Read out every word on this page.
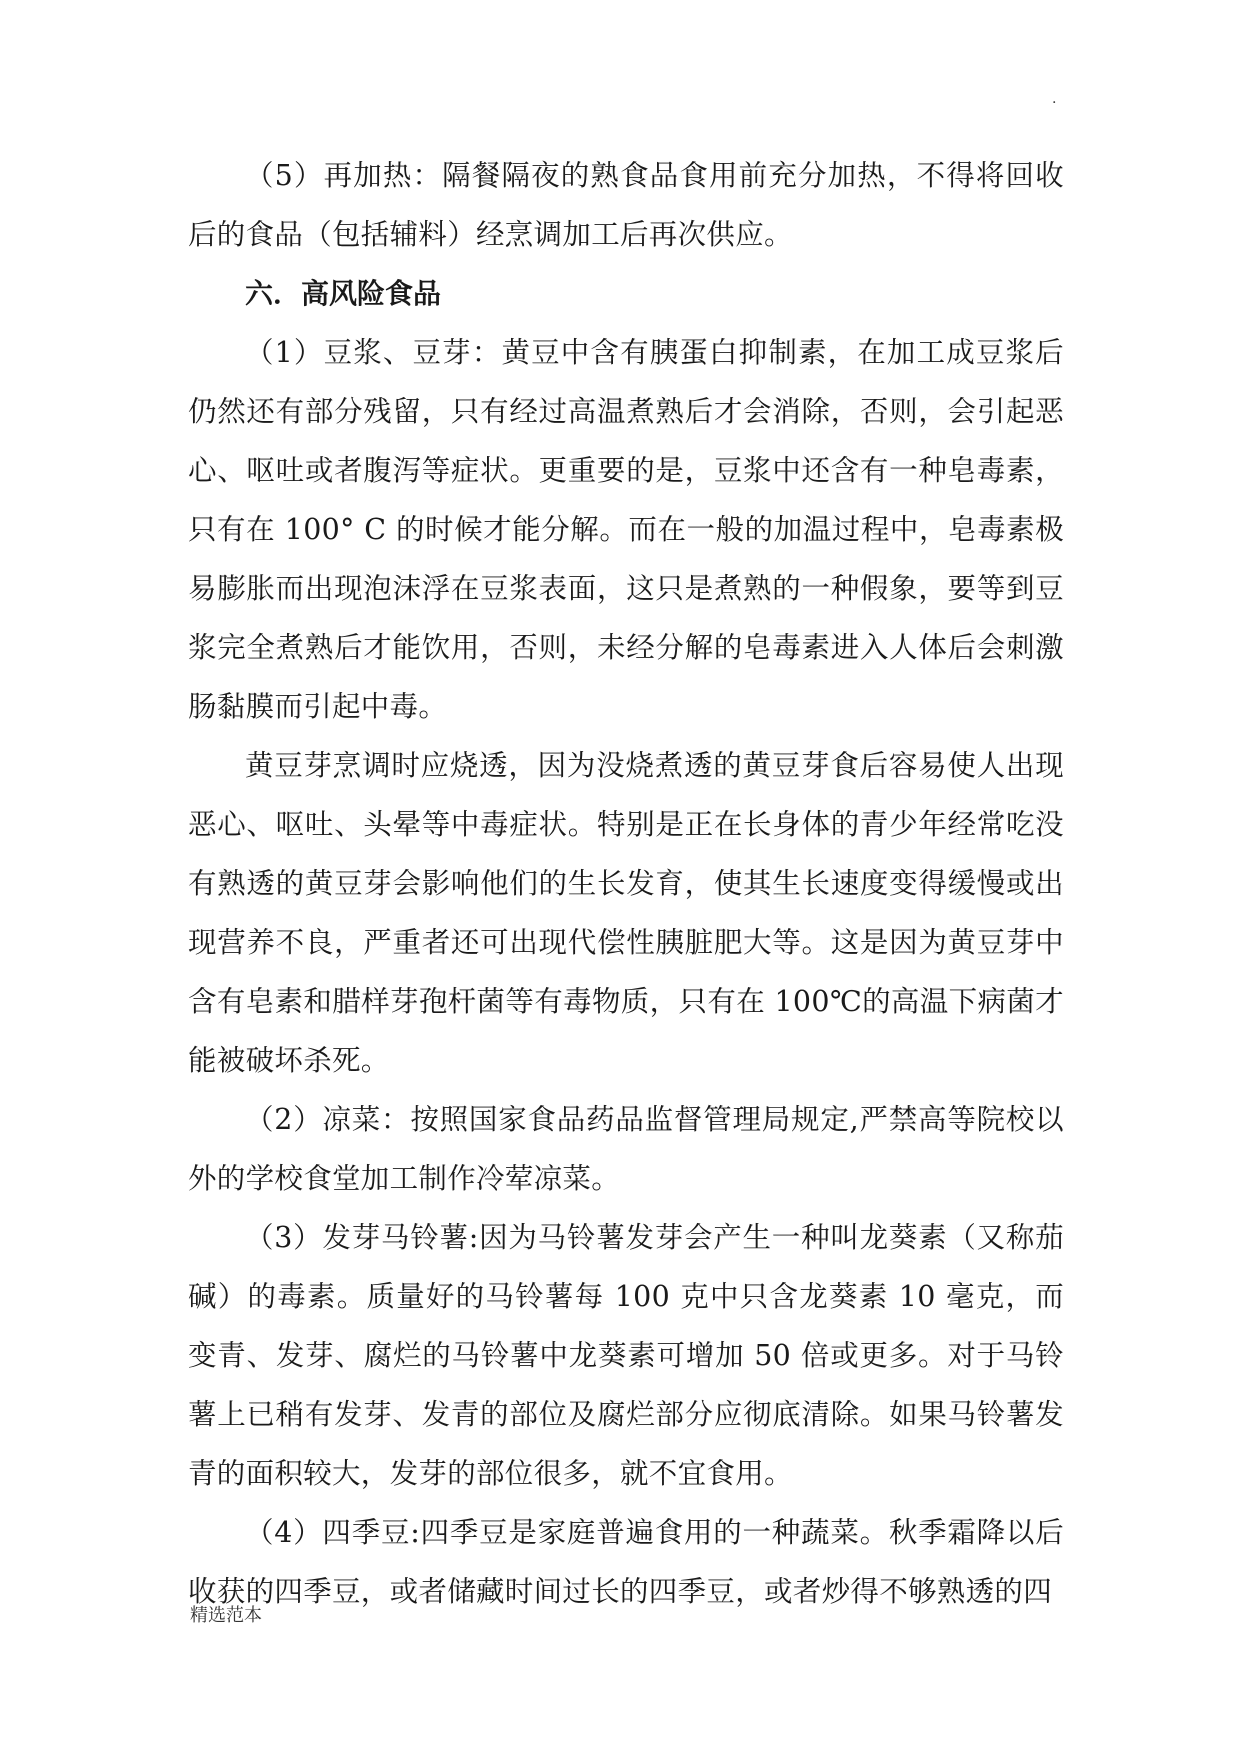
.

（5）再加热：隔餐隔夜的熟食品食用前充分加热，不得将回收后的食品（包括辅料）经烹调加工后再次供应。

六．高风险食品

（1）豆浆、豆芽：黄豆中含有胰蛋白抑制素，在加工成豆浆后仍然还有部分残留，只有经过高温煮熟后才会消除，否则，会引起恶心、呕吐或者腹泻等症状。更重要的是，豆浆中还含有一种皂毒素，只有在 100° C 的时候才能分解。而在一般的加温过程中，皂毒素极易膨胀而出现泡沫浮在豆浆表面，这只是煮熟的一种假象，要等到豆浆完全煮熟后才能饮用，否则，未经分解的皂毒素进入人体后会刺激肠黏膜而引起中毒。

黄豆芽烹调时应烧透，因为没烧煮透的黄豆芽食后容易使人出现恶心、呕吐、头晕等中毒症状。特别是正在长身体的青少年经常吃没有熟透的黄豆芽会影响他们的生长发育，使其生长速度变得缓慢或出现营养不良，严重者还可出现代偿性胰脏肥大等。这是因为黄豆芽中含有皂素和腊样芽孢杆菌等有毒物质，只有在 100℃的高温下病菌才能被破坏杀死。

（2）凉菜：按照国家食品药品监督管理局规定,严禁高等院校以外的学校食堂加工制作冷荤凉菜。

（3）发芽马铃薯:因为马铃薯发芽会产生一种叫龙葵素（又称茄碱）的毒素。质量好的马铃薯每 100 克中只含龙葵素 10 毫克，而变青、发芽、腐烂的马铃薯中龙葵素可增加 50 倍或更多。对于马铃薯上已稍有发芽、发青的部位及腐烂部分应彻底清除。如果马铃薯发青的面积较大，发芽的部位很多，就不宜食用。

（4）四季豆:四季豆是家庭普遍食用的一种蔬菜。秋季霜降以后收获的四季豆，或者储藏时间过长的四季豆，或者炒得不够熟透的四

精选范本
